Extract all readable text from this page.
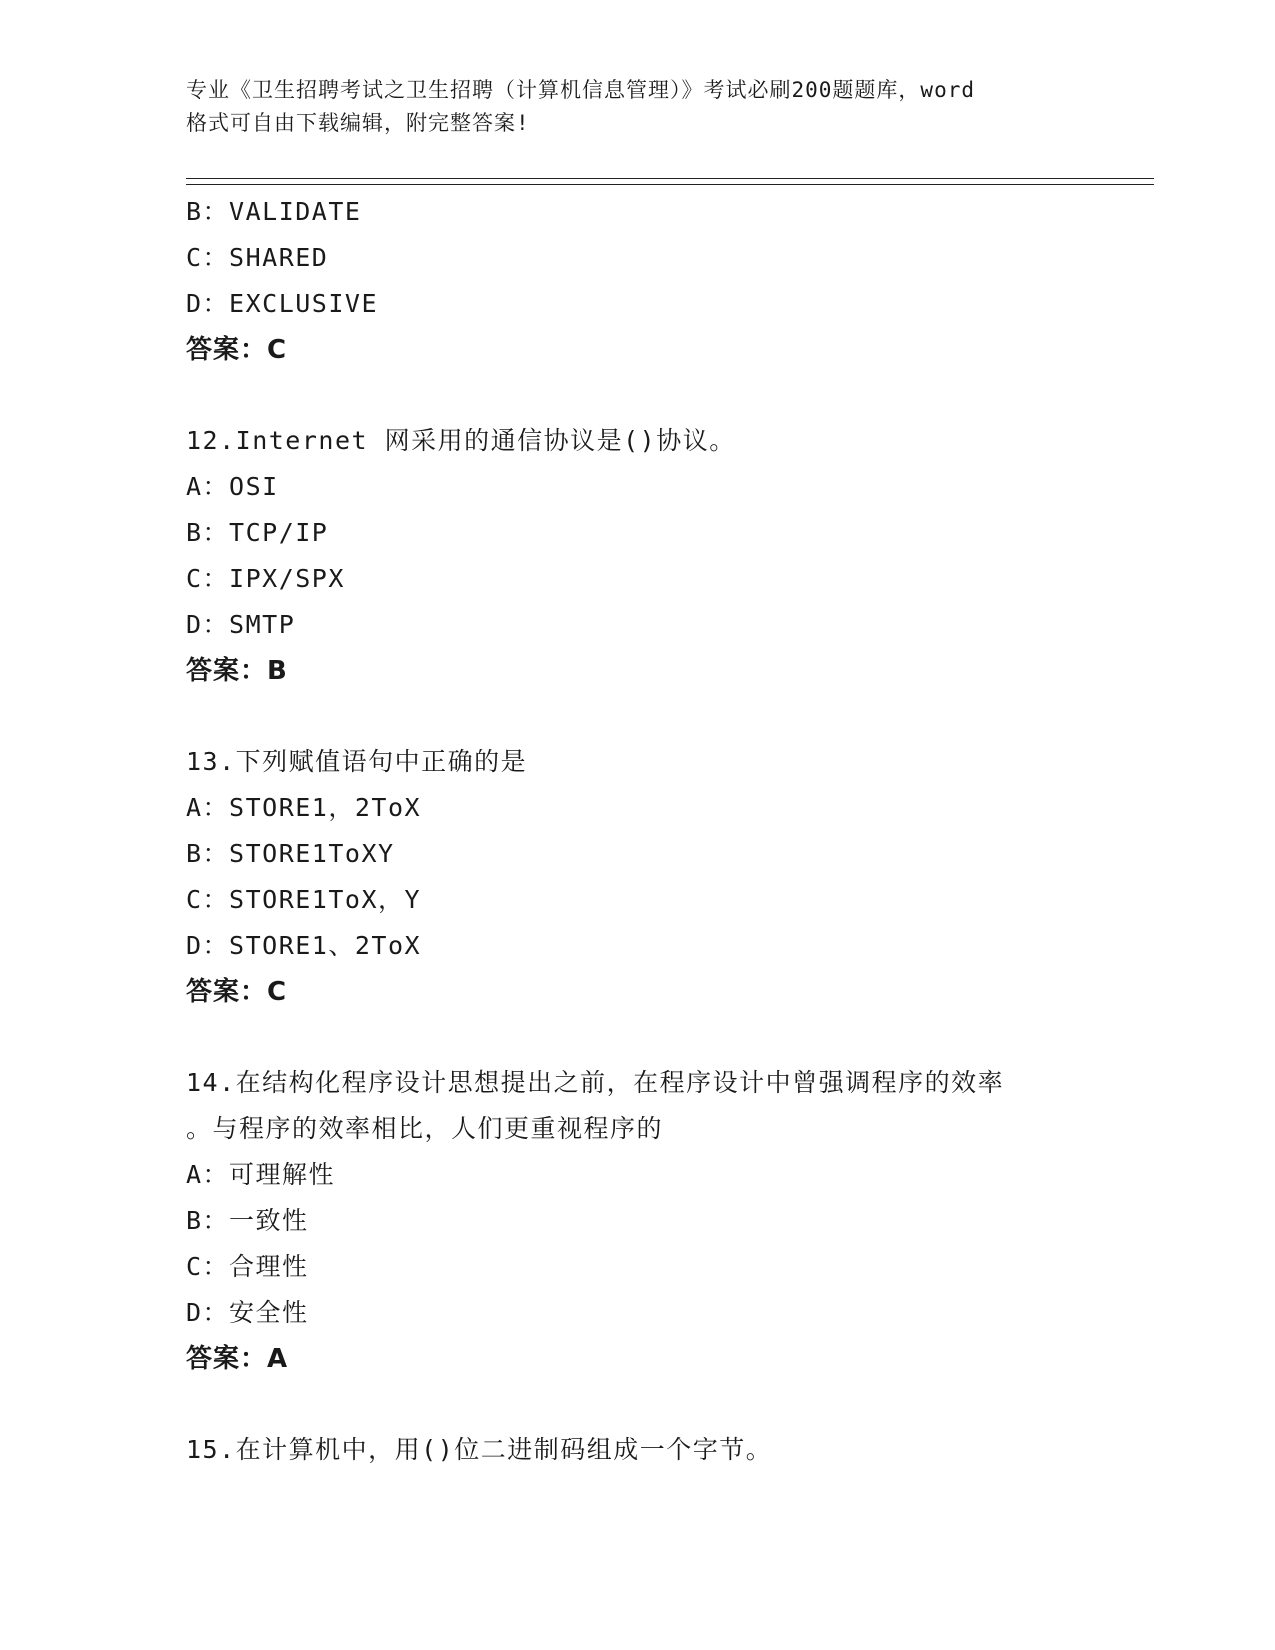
专业《卫生招聘考试之卫生招聘（计算机信息管理）》考试必刷200题题库，word
格式可自由下载编辑，附完整答案!
B：VALIDATE
C：SHARED
D：EXCLUSIVE
答案：C
12.Internet 网采用的通信协议是()协议。
A：OSI
B：TCP/IP
C：IPX/SPX
D：SMTP
答案：B
13.下列赋值语句中正确的是
A：STORE1，2ToX
B：STORE1ToXY
C：STORE1ToX，Y
D：STORE1、2ToX
答案：C
14.在结构化程序设计思想提出之前，在程序设计中曾强调程序的效率
。与程序的效率相比，人们更重视程序的
A：可理解性
B：一致性
C：合理性
D：安全性
答案：A
15.在计算机中，用()位二进制码组成一个字节。
